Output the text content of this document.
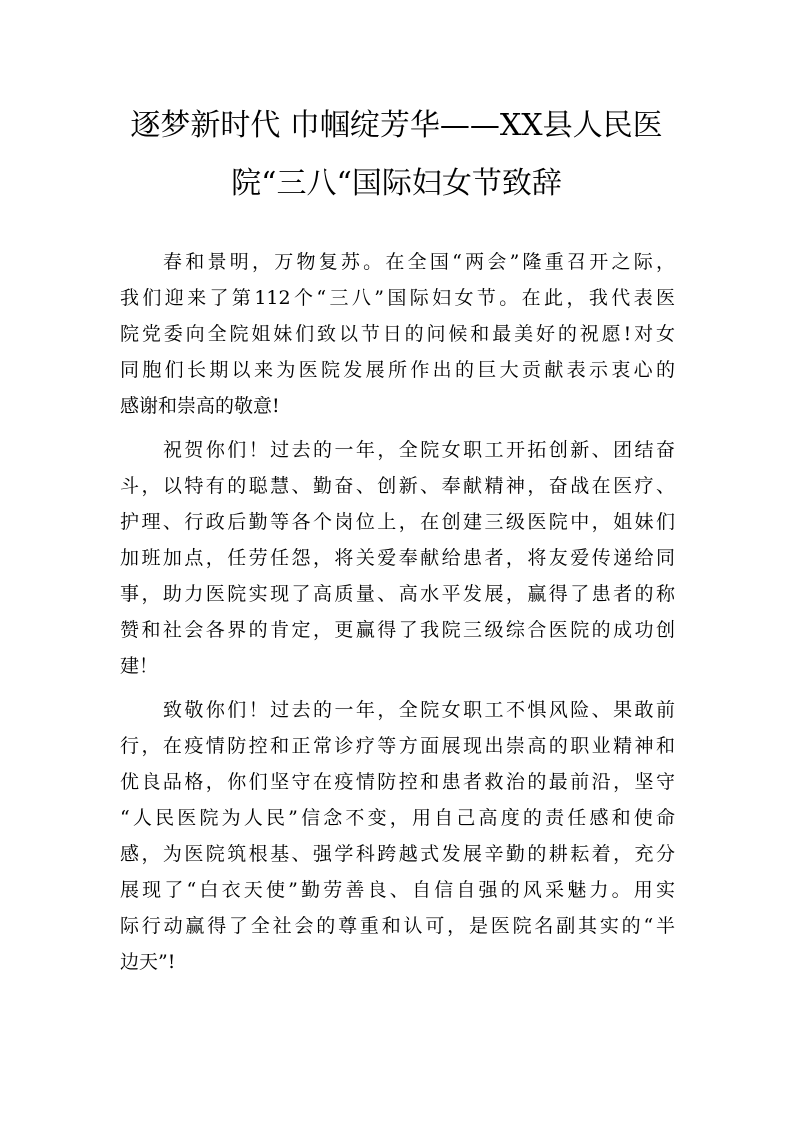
逐梦新时代 巾帼绽芳华——XX县人民医
院“三八“国际妇女节致辞
春和景明，万物复苏。在全国“两会”隆重召开之际，
我们迎来了第112个“三八”国际妇女节。在此，我代表医
院党委向全院姐妹们致以节日的问候和最美好的祝愿!对女
同胞们长期以来为医院发展所作出的巨大贡献表示衷心的
感谢和崇高的敬意!
祝贺你们！过去的一年，全院女职工开拓创新、团结奋
斗，以特有的聪慧、勤奋、创新、奉献精神，奋战在医疗、
护理、行政后勤等各个岗位上，在创建三级医院中，姐妹们
加班加点，任劳任怨，将关爱奉献给患者，将友爱传递给同
事，助力医院实现了高质量、高水平发展，赢得了患者的称
赞和社会各界的肯定，更赢得了我院三级综合医院的成功创
建！
致敬你们！过去的一年，全院女职工不惧风险、果敢前
行，在疫情防控和正常诊疗等方面展现出崇高的职业精神和
优良品格，你们坚守在疫情防控和患者救治的最前沿，坚守
“人民医院为人民”信念不变，用自己高度的责任感和使命
感，为医院筑根基、强学科跨越式发展辛勤的耕耘着，充分
展现了“白衣天使”勤劳善良、自信自强的风采魅力。用实
际行动赢得了全社会的尊重和认可，是医院名副其实的“半
边天”!
